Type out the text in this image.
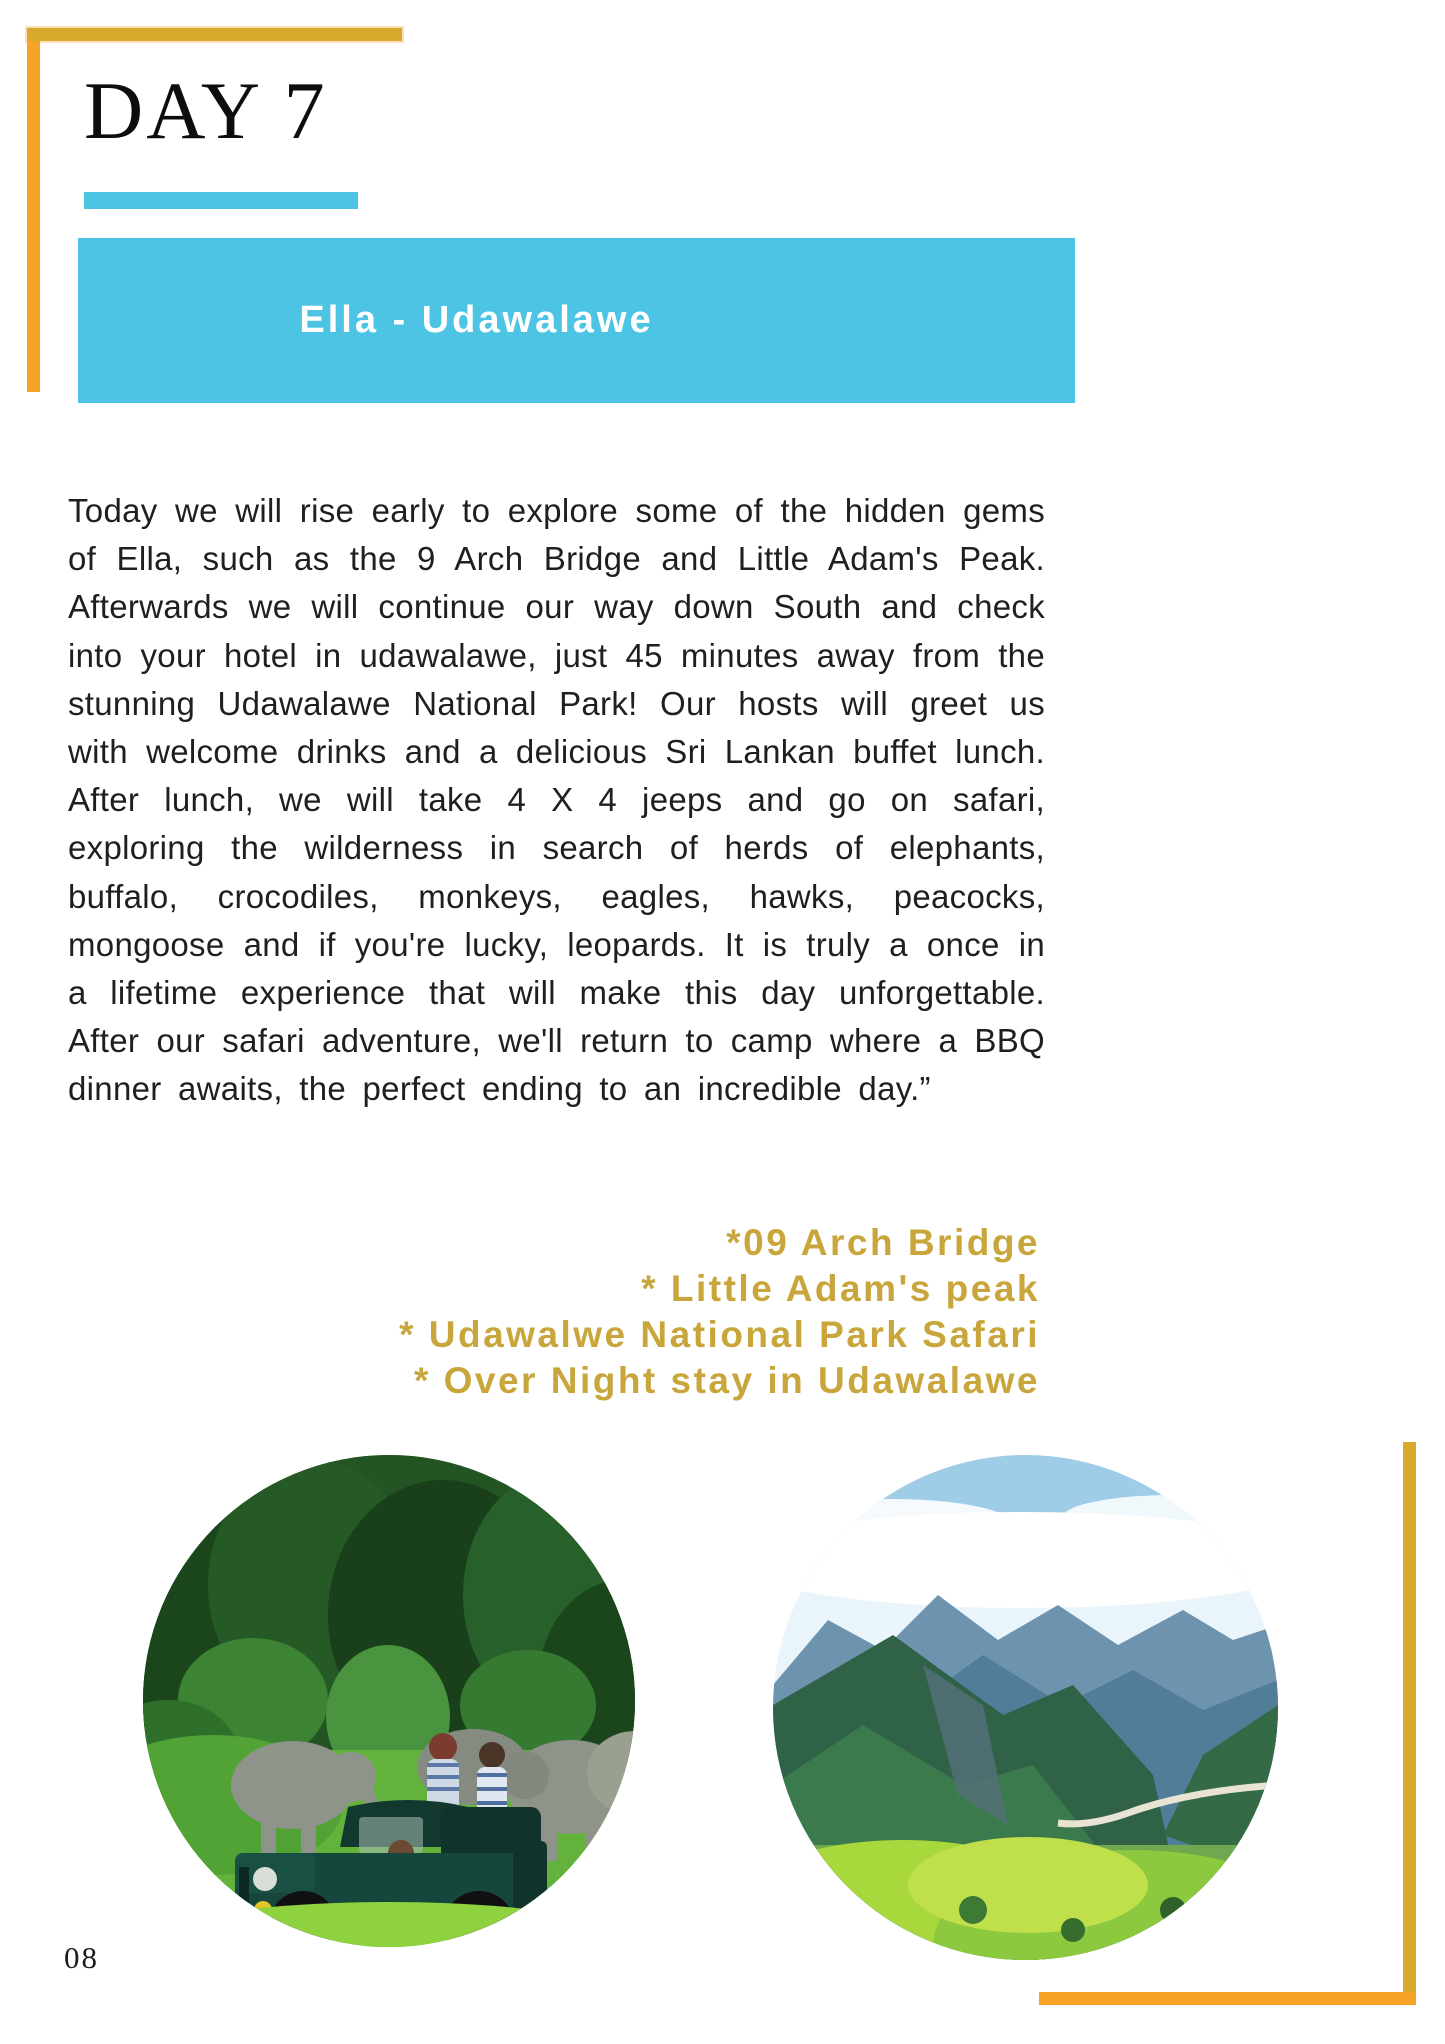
DAY 7
Ella - Udawalawe
Today we will rise early to explore some of the hidden gems of Ella, such as the 9 Arch Bridge and Little Adam's Peak. Afterwards we will continue our way down South and check into your hotel in udawalawe, just 45 minutes away from the stunning Udawalawe National Park! Our hosts will greet us with welcome drinks and a delicious Sri Lankan buffet lunch. After lunch, we will take 4 X 4 jeeps and go on safari, exploring the wilderness in search of herds of elephants, buffalo, crocodiles, monkeys, eagles, hawks, peacocks, mongoose and if you're lucky, leopards. It is truly a once in a lifetime experience that will make this day unforgettable. After our safari adventure, we'll return to camp where a BBQ dinner awaits, the perfect ending to an incredible day.”
*09 Arch Bridge
* Little Adam's peak
* Udawalwe National Park Safari
* Over Night stay in Udawalawe
08
